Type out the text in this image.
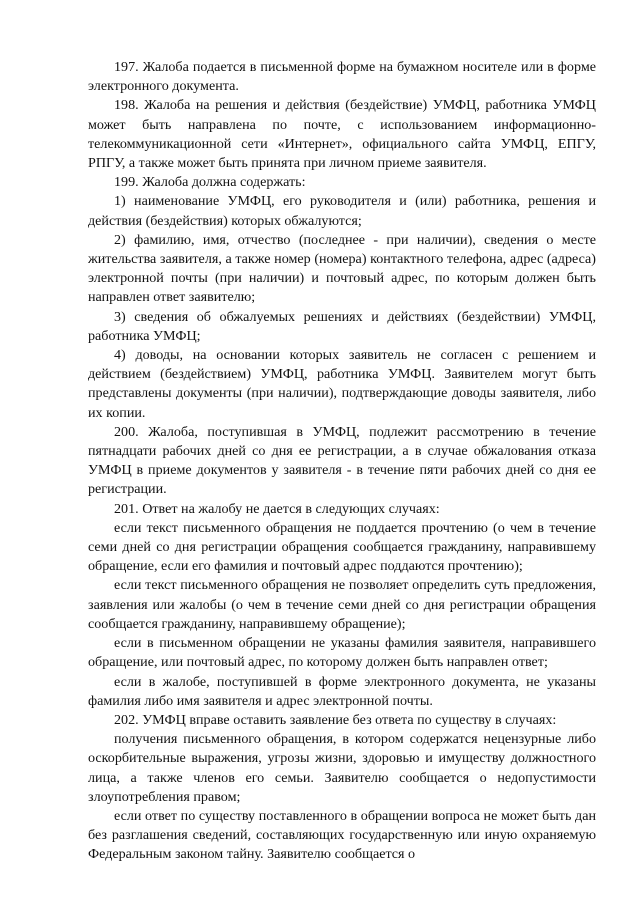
197. Жалоба подается в письменной форме на бумажном носителе или в форме электронного документа.

198. Жалоба на решения и действия (бездействие) УМФЦ, работника УМФЦ может быть направлена по почте, с использованием информационно-телекоммуникационной сети «Интернет», официального сайта УМФЦ, ЕПГУ, РПГУ, а также может быть принята при личном приеме заявителя.

199. Жалоба должна содержать:

1) наименование УМФЦ, его руководителя и (или) работника, решения и действия (бездействия) которых обжалуются;

2) фамилию, имя, отчество (последнее - при наличии), сведения о месте жительства заявителя, а также номер (номера) контактного телефона, адрес (адреса) электронной почты (при наличии) и почтовый адрес, по которым должен быть направлен ответ заявителю;

3) сведения об обжалуемых решениях и действиях (бездействии) УМФЦ, работника УМФЦ;

4) доводы, на основании которых заявитель не согласен с решением и действием (бездействием) УМФЦ, работника УМФЦ. Заявителем могут быть представлены документы (при наличии), подтверждающие доводы заявителя, либо их копии.

200. Жалоба, поступившая в УМФЦ, подлежит рассмотрению в течение пятнадцати рабочих дней со дня ее регистрации, а в случае обжалования отказа УМФЦ в приеме документов у заявителя - в течение пяти рабочих дней со дня ее регистрации.

201. Ответ на жалобу не дается в следующих случаях:

если текст письменного обращения не поддается прочтению (о чем в течение семи дней со дня регистрации обращения сообщается гражданину, направившему обращение, если его фамилия и почтовый адрес поддаются прочтению);

если текст письменного обращения не позволяет определить суть предложения, заявления или жалобы (о чем в течение семи дней со дня регистрации обращения сообщается гражданину, направившему обращение);

если в письменном обращении не указаны фамилия заявителя, направившего обращение, или почтовый адрес, по которому должен быть направлен ответ;

если в жалобе, поступившей в форме электронного документа, не указаны фамилия либо имя заявителя и адрес электронной почты.

202. УМФЦ вправе оставить заявление без ответа по существу в случаях:

получения письменного обращения, в котором содержатся нецензурные либо оскорбительные выражения, угрозы жизни, здоровью и имуществу должностного лица, а также членов его семьи. Заявителю сообщается о недопустимости злоупотребления правом;

если ответ по существу поставленного в обращении вопроса не может быть дан без разглашения сведений, составляющих государственную или иную охраняемую Федеральным законом тайну. Заявителю сообщается о
